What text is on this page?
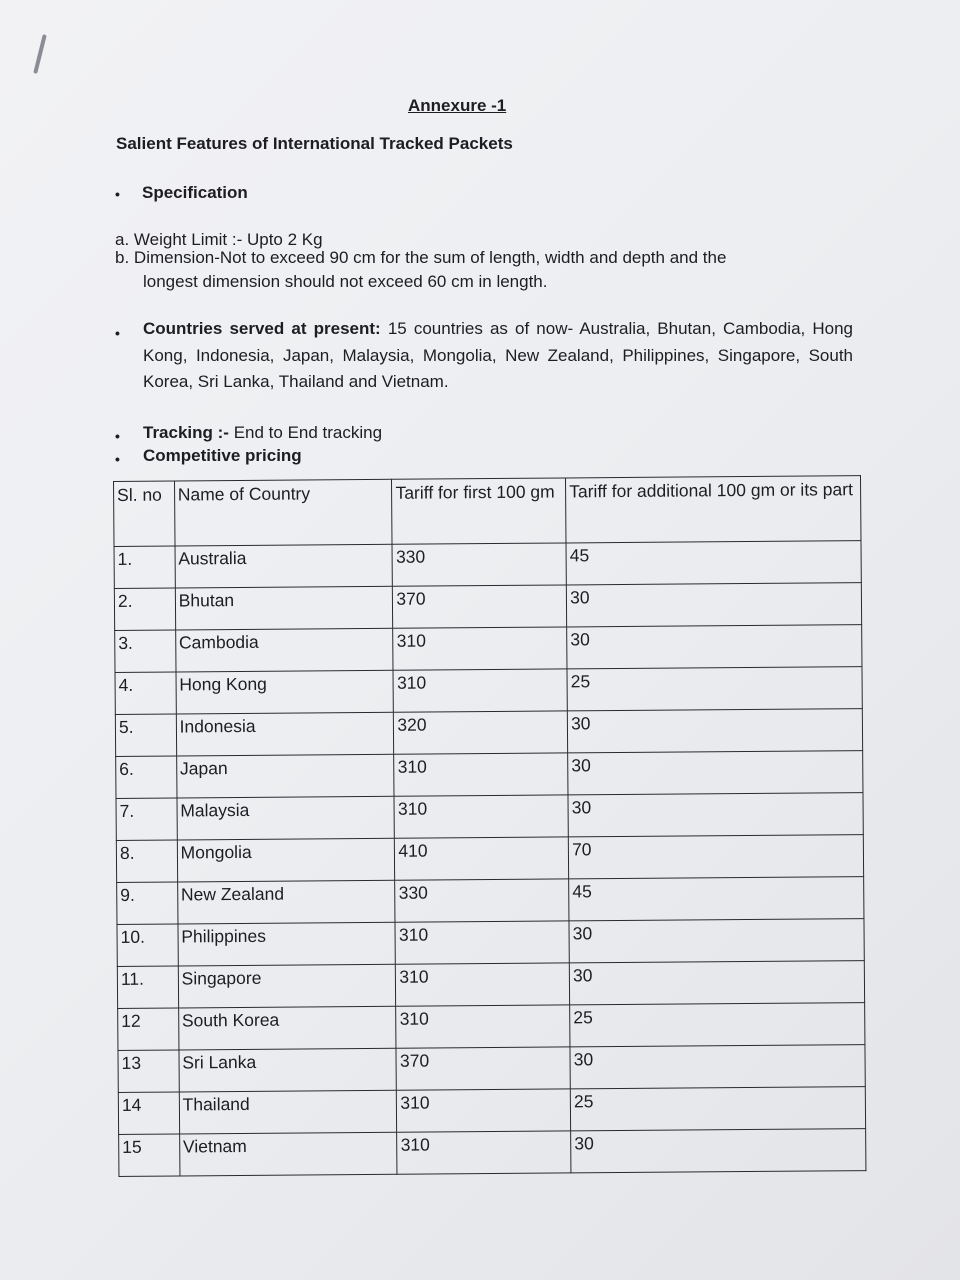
Annexure -1
Salient Features of International Tracked Packets
• Specification
a. Weight Limit :- Upto 2 Kg
b. Dimension-Not to exceed 90 cm for the sum of length, width and depth and the
longest dimension should not exceed 60 cm in length.
• Countries served at present: 15 countries as of now- Australia, Bhutan, Cambodia, Hong Kong, Indonesia, Japan, Malaysia, Mongolia, New Zealand, Philippines, Singapore, South Korea, Sri Lanka, Thailand and Vietnam.
• Tracking :- End to End tracking
• Competitive pricing
Sl. no	Name of Country	Tariff for first 100 gm	Tariff for additional 100 gm or its part
1.	Australia	330	45
2.	Bhutan	370	30
3.	Cambodia	310	30
4.	Hong Kong	310	25
5.	Indonesia	320	30
6.	Japan	310	30
7.	Malaysia	310	30
8.	Mongolia	410	70
9.	New Zealand	330	45
10.	Philippines	310	30
11.	Singapore	310	30
12	South Korea	310	25
13	Sri Lanka	370	30
14	Thailand	310	25
15	Vietnam	310	30
